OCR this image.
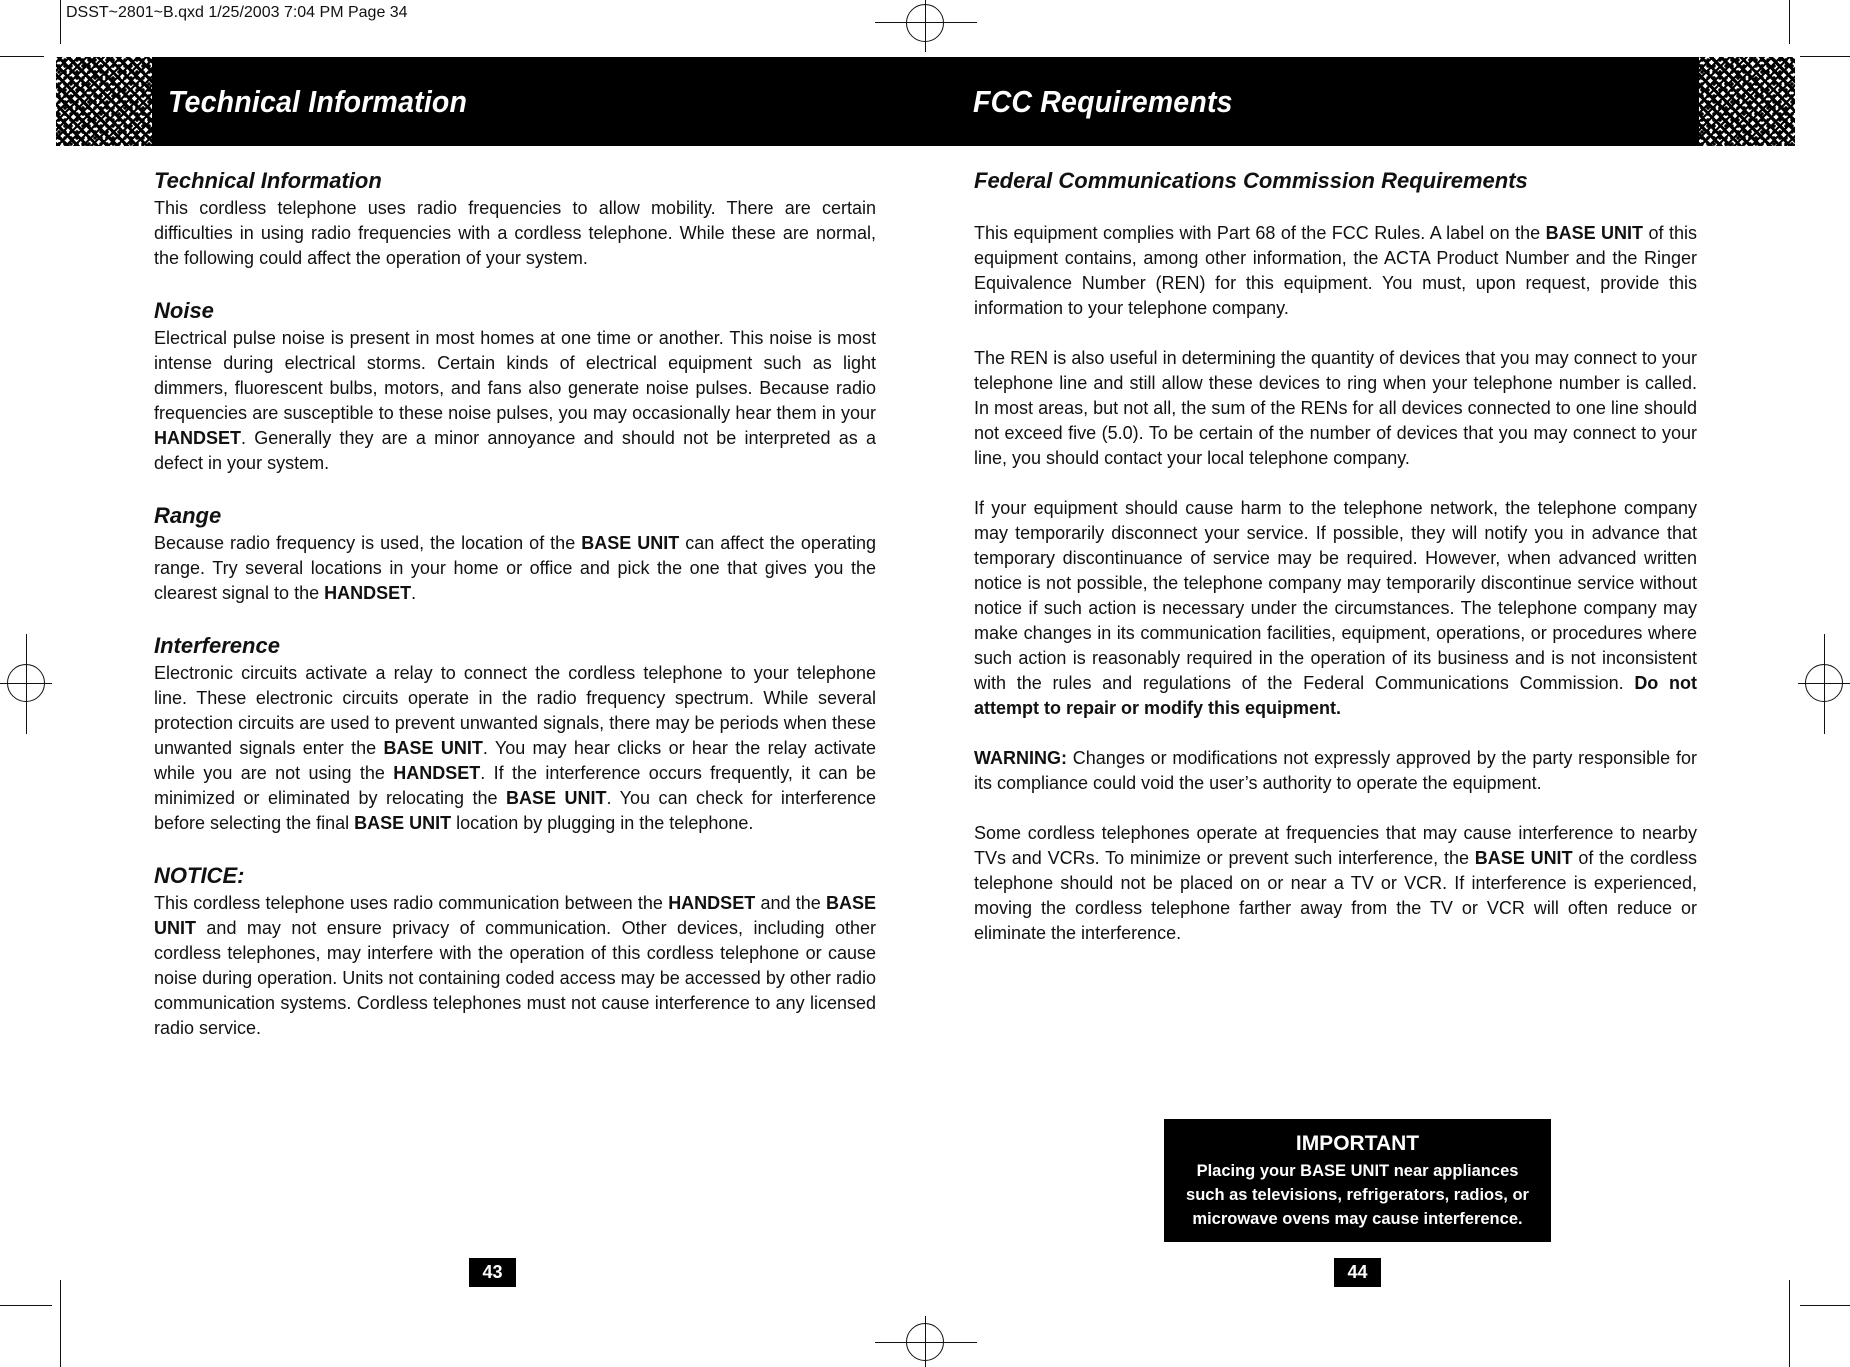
DSST~2801~B.qxd 1/25/2003 7:04 PM Page 34
Technical Information	FCC Requirements
Technical Information

This cordless telephone uses radio frequencies to allow mobility. There are certain difficulties in using radio frequencies with a cordless telephone. While these are normal, the following could affect the operation of your system.

Noise

Electrical pulse noise is present in most homes at one time or another. This noise is most intense during electrical storms. Certain kinds of electrical equipment such as light dimmers, fluorescent bulbs, motors, and fans also generate noise pulses. Because radio frequencies are susceptible to these noise pulses, you may occasionally hear them in your HANDSET. Generally they are a minor annoyance and should not be interpreted as a defect in your system.

Range

Because radio frequency is used, the location of the BASE UNIT can affect the operating range. Try several locations in your home or office and pick the one that gives you the clearest signal to the HANDSET.

Interference

Electronic circuits activate a relay to connect the cordless telephone to your telephone line. These electronic circuits operate in the radio frequency spectrum. While several protection circuits are used to prevent unwanted signals, there may be periods when these unwanted signals enter the BASE UNIT. You may hear clicks or hear the relay activate while you are not using the HANDSET. If the interference occurs frequently, it can be minimized or eliminated by relocating the BASE UNIT. You can check for interference before selecting the final BASE UNIT location by plugging in the telephone.

NOTICE:

This cordless telephone uses radio communication between the HANDSET and the BASE UNIT and may not ensure privacy of communication. Other devices, including other cordless telephones, may interfere with the operation of this cordless telephone or cause noise during operation. Units not containing coded access may be accessed by other radio communication systems. Cordless telephones must not cause interference to any licensed radio service.

Federal Communications Commission Requirements

This equipment complies with Part 68 of the FCC Rules. A label on the BASE UNIT of this equipment contains, among other information, the ACTA Product Number and the Ringer Equivalence Number (REN) for this equipment. You must, upon request, provide this information to your telephone company.

The REN is also useful in determining the quantity of devices that you may connect to your telephone line and still allow these devices to ring when your telephone number is called. In most areas, but not all, the sum of the RENs for all devices connected to one line should not exceed five (5.0). To be certain of the number of devices that you may connect to your line, you should contact your local telephone company.

If your equipment should cause harm to the telephone network, the telephone company may temporarily disconnect your service. If possible, they will notify you in advance that temporary discontinuance of service may be required. However, when advanced written notice is not possible, the telephone company may temporarily discontinue service without notice if such action is necessary under the circumstances. The telephone company may make changes in its communication facilities, equipment, operations, or procedures where such action is reasonably required in the operation of its business and is not inconsistent with the rules and regulations of the Federal Communications Commission. Do not attempt to repair or modify this equipment.

WARNING: Changes or modifications not expressly approved by the party responsible for its compliance could void the user’s authority to operate the equipment.

Some cordless telephones operate at frequencies that may cause interference to nearby TVs and VCRs. To minimize or prevent such interference, the BASE UNIT of the cordless telephone should not be placed on or near a TV or VCR. If interference is experienced, moving the cordless telephone farther away from the TV or VCR will often reduce or eliminate the interference.

IMPORTANT
Placing your BASE UNIT near appliances
such as televisions, refrigerators, radios, or
microwave ovens may cause interference.
43	44
